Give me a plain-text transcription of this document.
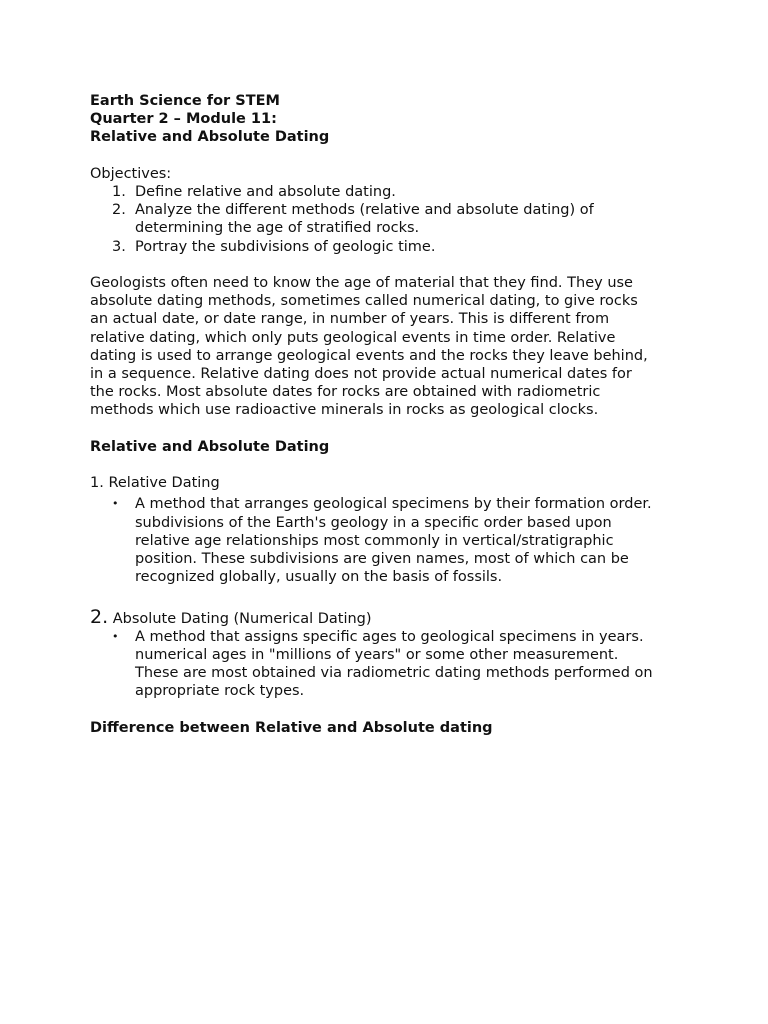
Earth Science for STEM
Quarter 2 – Module 11:
Relative and Absolute Dating
Objectives:
1. Define relative and absolute dating.
2. Analyze the different methods (relative and absolute dating) of
determining the age of stratified rocks.
3. Portray the subdivisions of geologic time.
Geologists often need to know the age of material that they find. They use
absolute dating methods, sometimes called numerical dating, to give rocks
an actual date, or date range, in number of years. This is different from
relative dating, which only puts geological events in time order. Relative
dating is used to arrange geological events and the rocks they leave behind,
in a sequence. Relative dating does not provide actual numerical dates for
the rocks. Most absolute dates for rocks are obtained with radiometric
methods which use radioactive minerals in rocks as geological clocks.
Relative and Absolute Dating
1. Relative Dating
• A method that arranges geological specimens by their formation order.
subdivisions of the Earth's geology in a specific order based upon
relative age relationships most commonly in vertical/stratigraphic
position. These subdivisions are given names, most of which can be
recognized globally, usually on the basis of fossils.
2. Absolute Dating (Numerical Dating)
• A method that assigns specific ages to geological specimens in years.
numerical ages in "millions of years" or some other measurement.
These are most obtained via radiometric dating methods performed on
appropriate rock types.
Difference between Relative and Absolute dating
